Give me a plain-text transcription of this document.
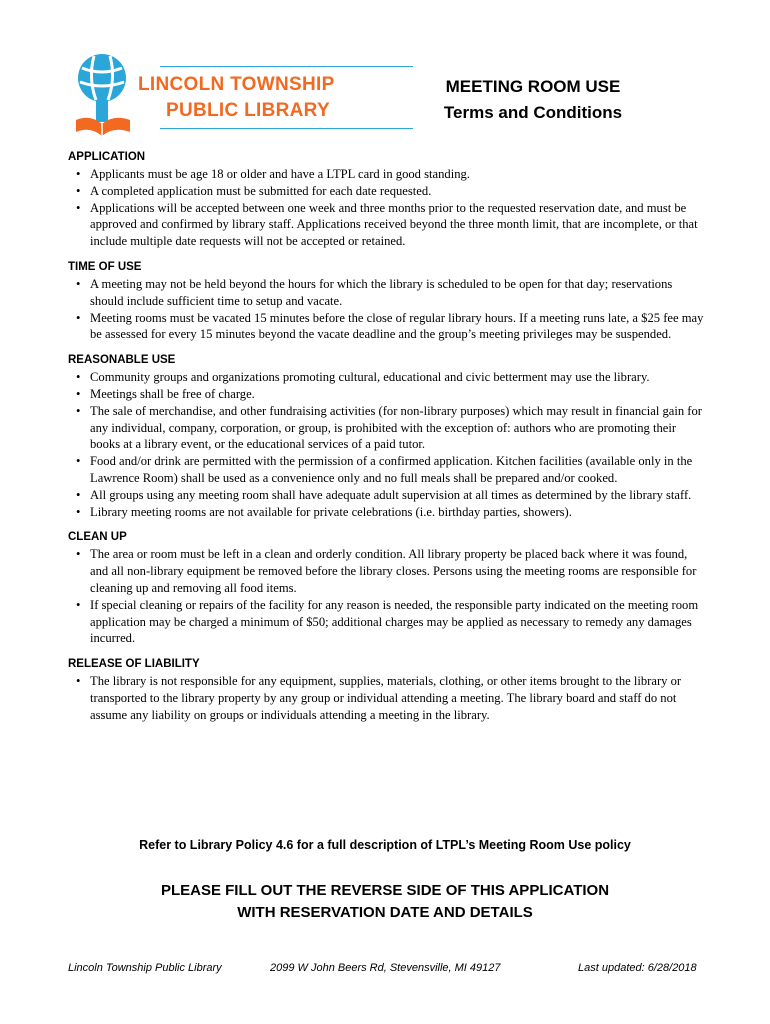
LINCOLN TOWNSHIP
PUBLIC LIBRARY
MEETING ROOM USE
Terms and Conditions

APPLICATION

• Applicants must be age 18 or older and have a LTPL card in good standing.
• A completed application must be submitted for each date requested.
• Applications will be accepted between one week and three months prior to the requested reservation date, and must be approved and confirmed by library staff. Applications received beyond the three month limit, that are incomplete, or that include multiple date requests will not be accepted or retained.

TIME OF USE

• A meeting may not be held beyond the hours for which the library is scheduled to be open for that day; reservations should include sufficient time to setup and vacate.
• Meeting rooms must be vacated 15 minutes before the close of regular library hours. If a meeting runs late, a $25 fee may be assessed for every 15 minutes beyond the vacate deadline and the group’s meeting privileges may be suspended.

REASONABLE USE

• Community groups and organizations promoting cultural, educational and civic betterment may use the library.
• Meetings shall be free of charge.
• The sale of merchandise, and other fundraising activities (for non-library purposes) which may result in financial gain for any individual, company, corporation, or group, is prohibited with the exception of: authors who are promoting their books at a library event, or the educational services of a paid tutor.
• Food and/or drink are permitted with the permission of a confirmed application. Kitchen facilities (available only in the Lawrence Room) shall be used as a convenience only and no full meals shall be prepared and/or cooked.
• All groups using any meeting room shall have adequate adult supervision at all times as determined by the library staff.
• Library meeting rooms are not available for private celebrations (i.e. birthday parties, showers).

CLEAN UP

• The area or room must be left in a clean and orderly condition. All library property be placed back where it was found, and all non-library equipment be removed before the library closes. Persons using the meeting rooms are responsible for cleaning up and removing all food items.
• If special cleaning or repairs of the facility for any reason is needed, the responsible party indicated on the meeting room application may be charged a minimum of $50; additional charges may be applied as necessary to remedy any damages incurred.

RELEASE OF LIABILITY

• The library is not responsible for any equipment, supplies, materials, clothing, or other items brought to the library or transported to the library property by any group or individual attending a meeting. The library board and staff do not assume any liability on groups or individuals attending a meeting in the library.
Refer to Library Policy 4.6 for a full description of LTPL’s Meeting Room Use policy
PLEASE FILL OUT THE REVERSE SIDE OF THIS APPLICATION
WITH RESERVATION DATE AND DETAILS
Lincoln Township Public Library	2099 W John Beers Rd, Stevensville, MI 49127	Last updated: 6/28/2018
